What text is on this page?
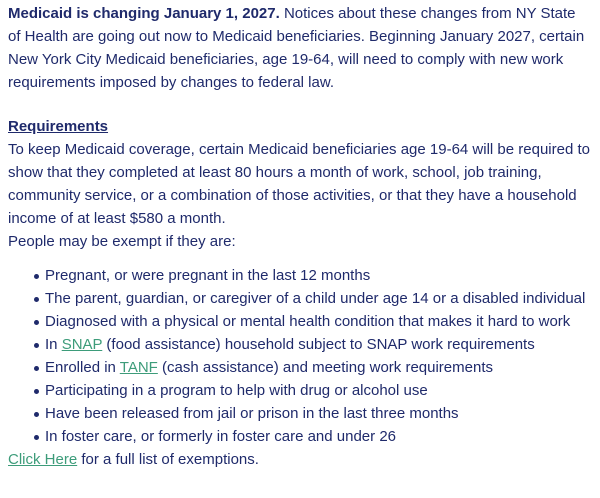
Medicaid is changing January 1, 2027. Notices about these changes from NY State of Health are going out now to Medicaid beneficiaries. Beginning January 2027, certain New York City Medicaid beneficiaries, age 19-64, will need to comply with new work requirements imposed by changes to federal law.

Requirements

To keep Medicaid coverage, certain Medicaid beneficiaries age 19-64 will be required to show that they completed at least 80 hours a month of work, school, job training, community service, or a combination of those activities, or that they have a household income of at least $580 a month.

People may be exempt if they are:

Pregnant, or were pregnant in the last 12 months
The parent, guardian, or caregiver of a child under age 14 or a disabled individual
Diagnosed with a physical or mental health condition that makes it hard to work
In SNAP (food assistance) household subject to SNAP work requirements
Enrolled in TANF (cash assistance) and meeting work requirements
Participating in a program to help with drug or alcohol use
Have been released from jail or prison in the last three months
In foster care, or formerly in foster care and under 26

Click Here for a full list of exemptions.
